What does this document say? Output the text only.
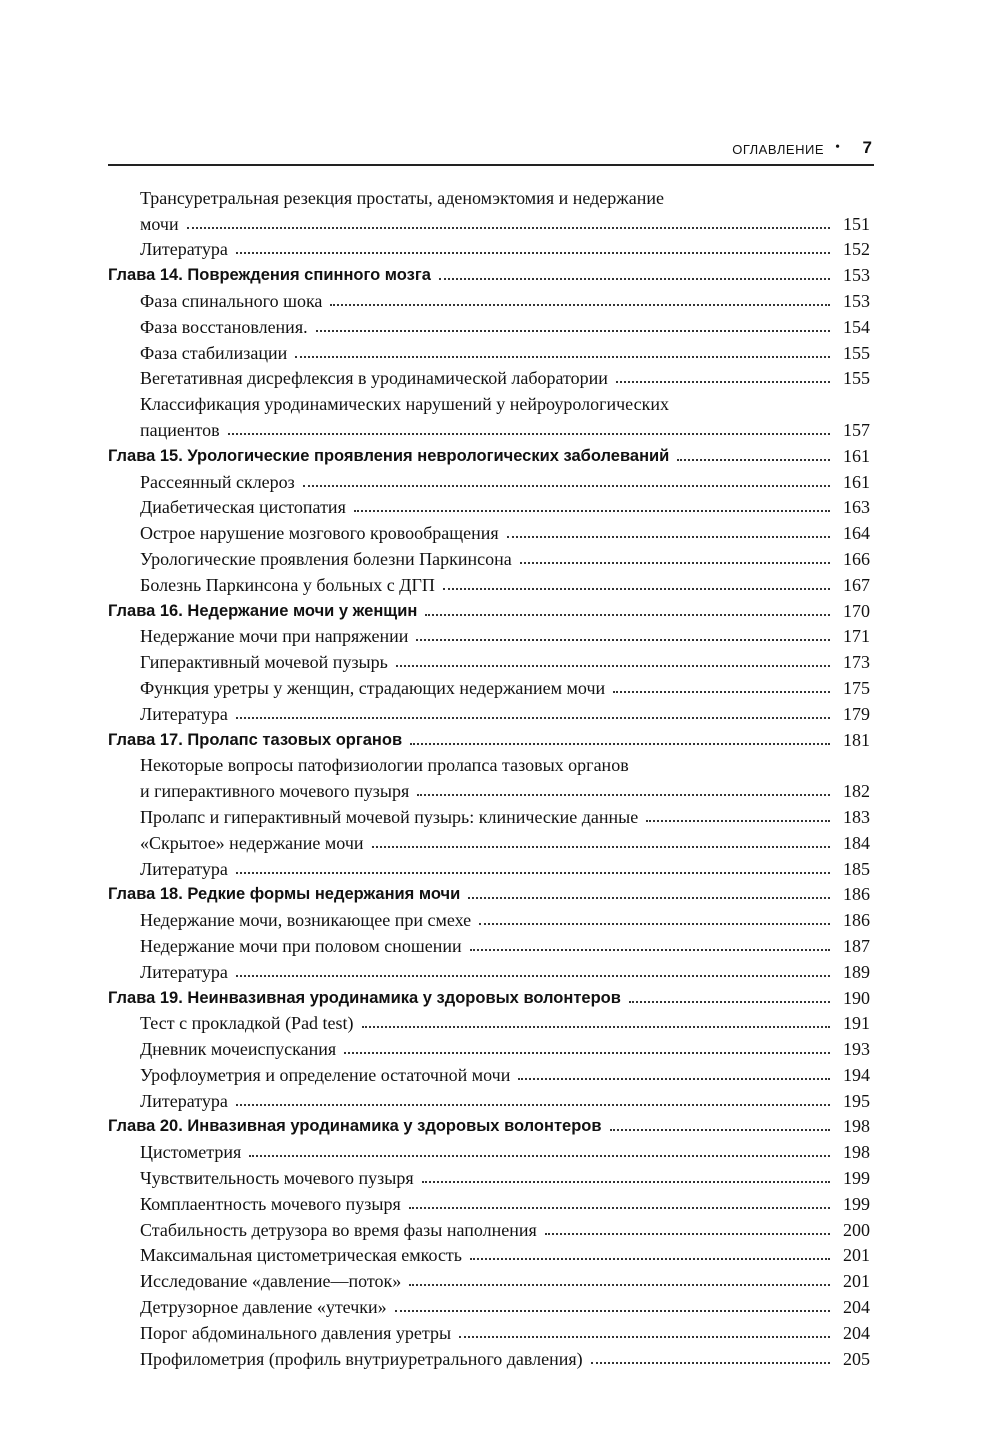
ОГЛАВЛЕНИЕ • 7
Трансуретральная резекция простаты, аденомэктомия и недержание
мочи	151
Литература	152
Глава 14. Повреждения спинного мозга	153
Фаза спинального шока	153
Фаза восстановления.	154
Фаза стабилизации	155
Вегетативная дисрефлексия в уродинамической лаборатории	155
Классификация уродинамических нарушений у нейроурологических
пациентов	157
Глава 15. Урологические проявления неврологических заболеваний	161
Рассеянный склероз	161
Диабетическая цистопатия	163
Острое нарушение мозгового кровообращения	164
Урологические проявления болезни Паркинсона	166
Болезнь Паркинсона у больных с ДГП	167
Глава 16. Недержание мочи у женщин	170
Недержание мочи при напряжении	171
Гиперактивный мочевой пузырь	173
Функция уретры у женщин, страдающих недержанием мочи	175
Литература	179
Глава 17. Пролапс тазовых органов	181
Некоторые вопросы патофизиологии пролапса тазовых органов
и гиперактивного мочевого пузыря	182
Пролапс и гиперактивный мочевой пузырь: клинические данные	183
«Скрытое» недержание мочи	184
Литература	185
Глава 18. Редкие формы недержания мочи	186
Недержание мочи, возникающее при смехе	186
Недержание мочи при половом сношении	187
Литература	189
Глава 19. Неинвазивная уродинамика у здоровых волонтеров	190
Тест с прокладкой (Pad test)	191
Дневник мочеиспускания	193
Урофлоуметрия и определение остаточной мочи	194
Литература	195
Глава 20. Инвазивная уродинамика у здоровых волонтеров	198
Цистометрия	198
Чувствительность мочевого пузыря	199
Комплаентность мочевого пузыря	199
Стабильность детрузора во время фазы наполнения	200
Максимальная цистометрическая емкость	201
Исследование «давление—поток»	201
Детрузорное давление «утечки»	204
Порог абдоминального давления уретры	204
Профилометрия (профиль внутриуретрального давления)	205
